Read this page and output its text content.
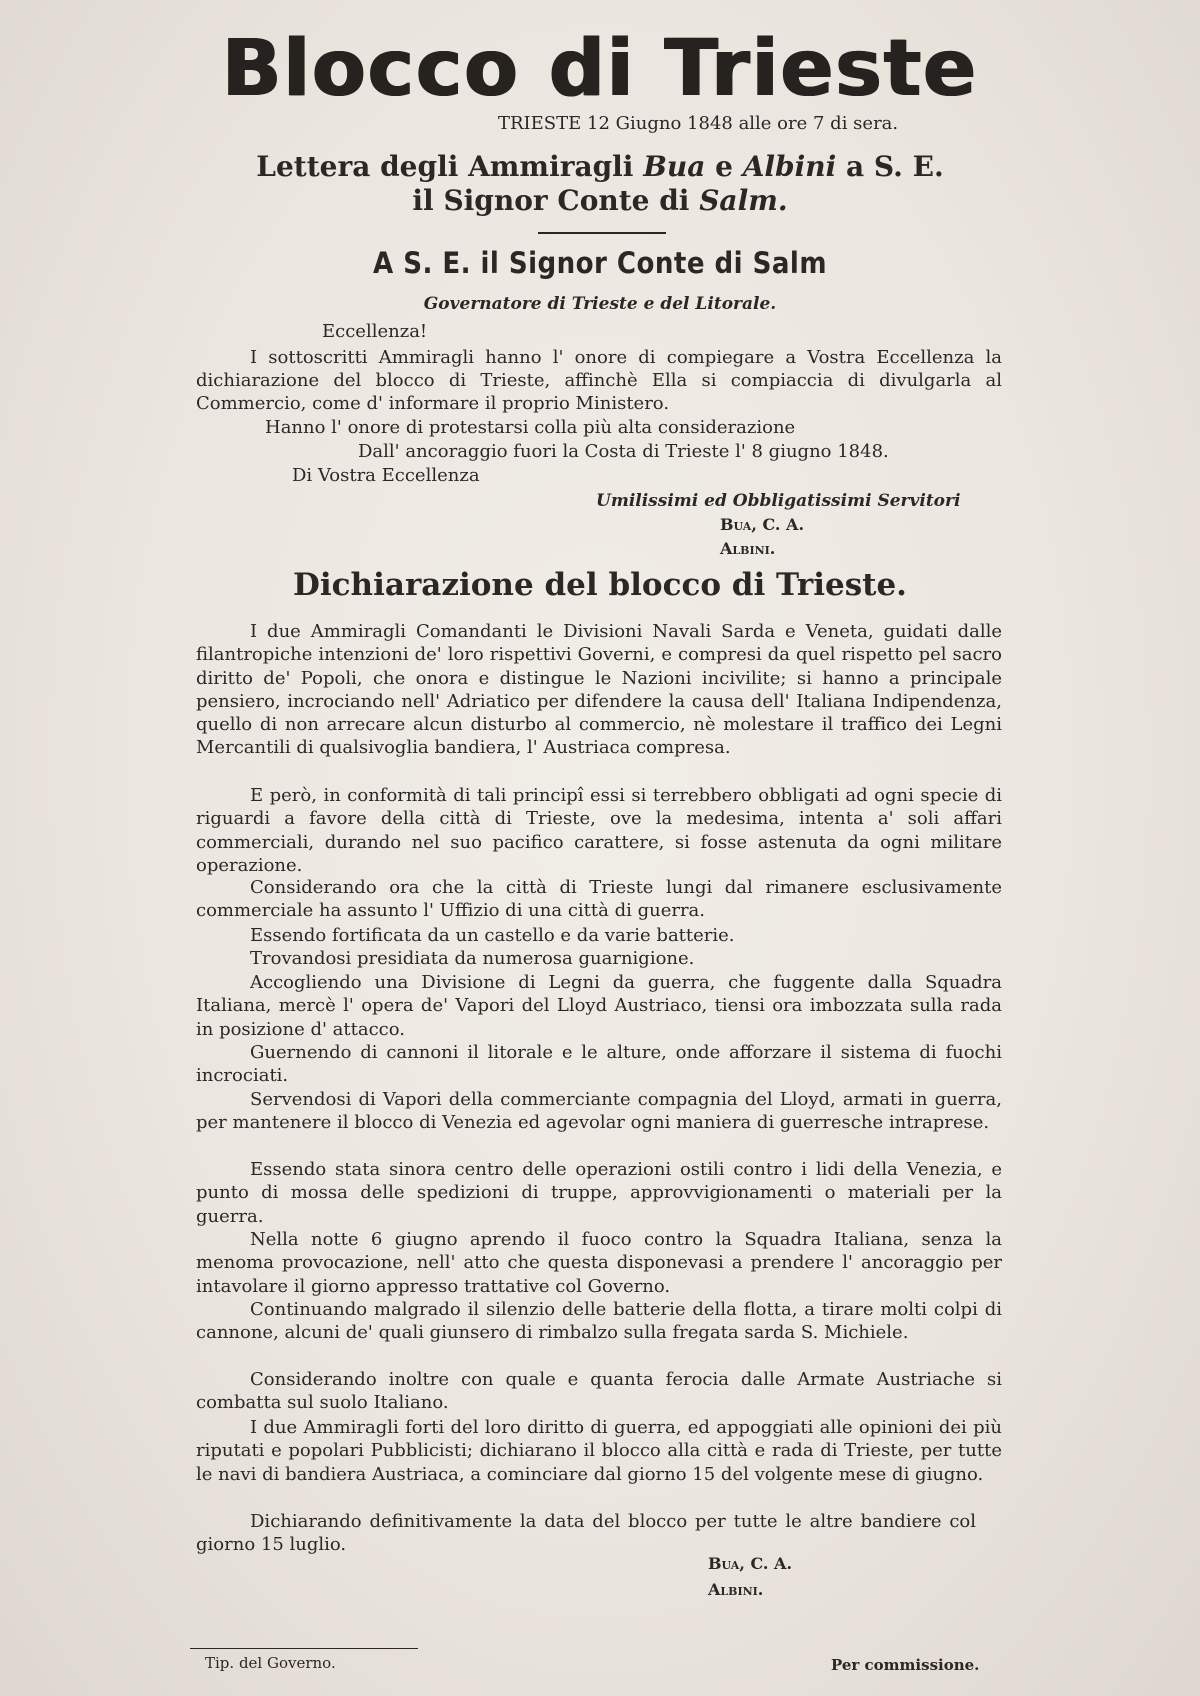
Blocco di Trieste
TRIESTE 12 Giugno 1848 alle ore 7 di sera.
Lettera degli Ammiragli Bua e Albini a S. E.
il Signor Conte di Salm.
A S. E. il Signor Conte di Salm
Governatore di Trieste e del Litorale.
Eccellenza!
I sottoscritti Ammiragli hanno l' onore di compiegare a Vostra Eccellenza la dichiarazione del blocco di Trieste, affinchè Ella si compiaccia di divulgarla al Commercio, come d' informare il proprio Ministero.
Hanno l' onore di protestarsi colla più alta considerazione
Dall' ancoraggio fuori la Costa di Trieste l' 8 giugno 1848.
Di Vostra Eccellenza
Umilissimi ed Obbligatissimi Servitori
Bua, C. A.
Albini.
Dichiarazione del blocco di Trieste.
I due Ammiragli Comandanti le Divisioni Navali Sarda e Veneta, guidati dalle filantropiche intenzioni de' loro rispettivi Governi, e compresi da quel rispetto pel sacro diritto de' Popoli, che onora e distingue le Nazioni incivilite; si hanno a principale pensiero, incrociando nell' Adriatico per difendere la causa dell' Italiana Indipendenza, quello di non arrecare alcun disturbo al commercio, nè molestare il traffico dei Legni Mercantili di qualsivoglia bandiera, l' Austriaca compresa.
E però, in conformità di tali principî essi si terrebbero obbligati ad ogni specie di riguardi a favore della città di Trieste, ove la medesima, intenta a' soli affari commerciali, durando nel suo pacifico carattere, si fosse astenuta da ogni militare operazione.
Considerando ora che la città di Trieste lungi dal rimanere esclusivamente commerciale ha assunto l' Uffizio di una città di guerra.
Essendo fortificata da un castello e da varie batterie.
Trovandosi presidiata da numerosa guarnigione.
Accogliendo una Divisione di Legni da guerra, che fuggente dalla Squadra Italiana, mercè l' opera de' Vapori del Lloyd Austriaco, tiensi ora imbozzata sulla rada in posizione d' attacco.
Guernendo di cannoni il litorale e le alture, onde afforzare il sistema di fuochi incrociati.
Servendosi di Vapori della commerciante compagnia del Lloyd, armati in guerra, per mantenere il blocco di Venezia ed agevolar ogni maniera di guerresche intraprese.
Essendo stata sinora centro delle operazioni ostili contro i lidi della Venezia, e punto di mossa delle spedizioni di truppe, approvvigionamenti o materiali per la guerra.
Nella notte 6 giugno aprendo il fuoco contro la Squadra Italiana, senza la menoma provocazione, nell' atto che questa disponevasi a prendere l' ancoraggio per intavolare il giorno appresso trattative col Governo.
Continuando malgrado il silenzio delle batterie della flotta, a tirare molti colpi di cannone, alcuni de' quali giunsero di rimbalzo sulla fregata sarda S. Michiele.
Considerando inoltre con quale e quanta ferocia dalle Armate Austriache si combatta sul suolo Italiano.
I due Ammiragli forti del loro diritto di guerra, ed appoggiati alle opinioni dei più riputati e popolari Pubblicisti; dichiarano il blocco alla città e rada di Trieste, per tutte le navi di bandiera Austriaca, a cominciare dal giorno 15 del volgente mese di giugno.
Dichiarando definitivamente la data del blocco per tutte le altre bandiere col giorno 15 luglio.
Bua, C. A.
Albini.
Tip. del Governo.	Per commissione.
